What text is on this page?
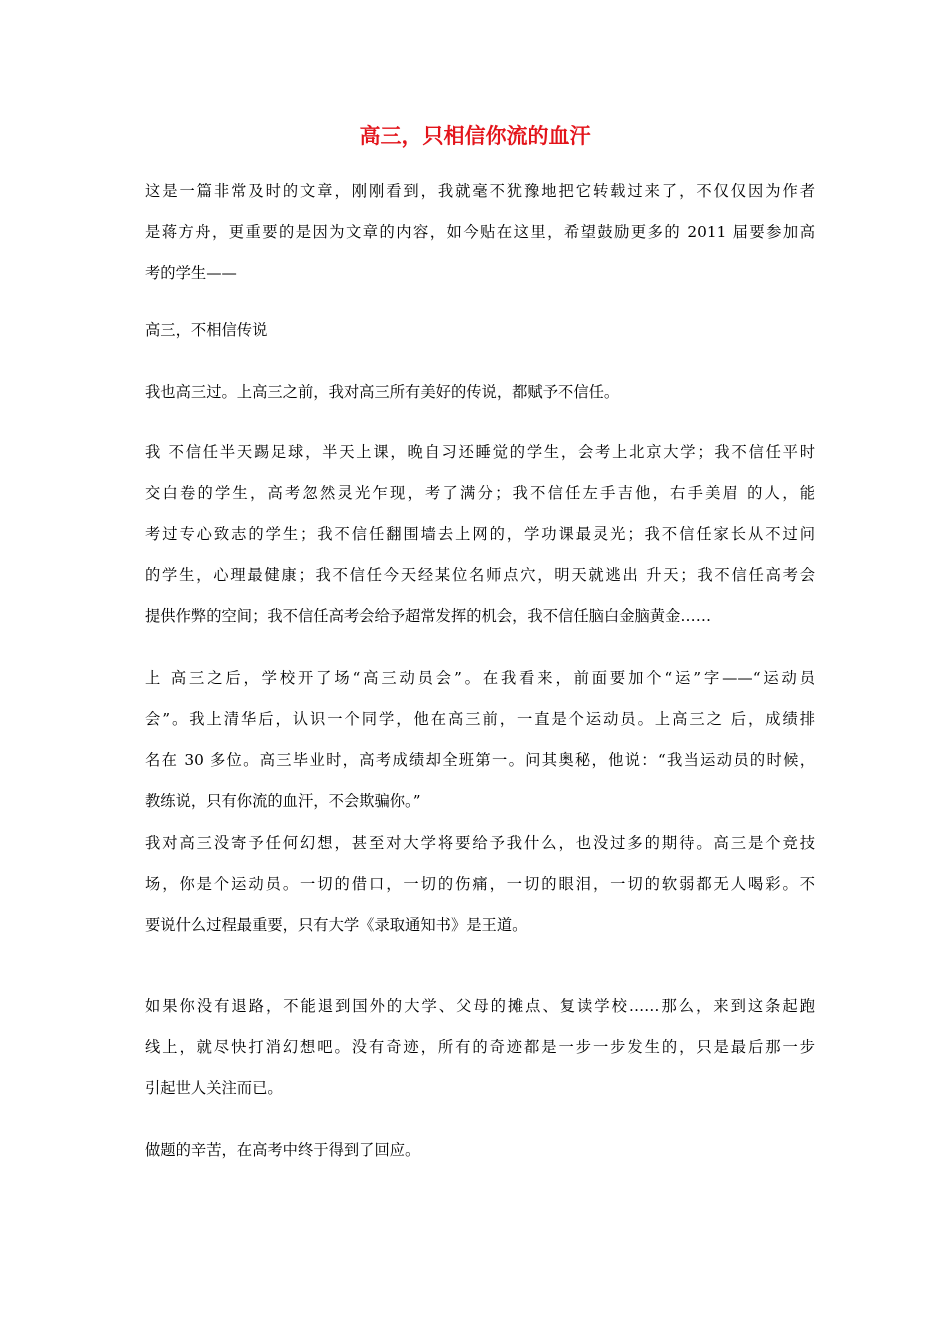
高三，只相信你流的血汗
这是一篇非常及时的文章，刚刚看到，我就毫不犹豫地把它转载过来了，不仅仅因为作者
是蒋方舟，更重要的是因为文章的内容，如今贴在这里，希望鼓励更多的 2011 届要参加高
考的学生——
高三，不相信传说
我也高三过。上高三之前，我对高三所有美好的传说，都赋予不信任。
我 不信任半天踢足球，半天上课，晚自习还睡觉的学生，会考上北京大学；我不信任平时
交白卷的学生，高考忽然灵光乍现，考了满分；我不信任左手吉他，右手美眉 的人，能
考过专心致志的学生；我不信任翻围墙去上网的，学功课最灵光；我不信任家长从不过问
的学生，心理最健康；我不信任今天经某位名师点穴，明天就逃出 升天；我不信任高考会
提供作弊的空间；我不信任高考会给予超常发挥的机会，我不信任脑白金脑黄金……
上 高三之后，学校开了场“高三动员会”。在我看来，前面要加个“运”字——“运动员
会”。我上清华后，认识一个同学，他在高三前，一直是个运动员。上高三之 后，成绩排
名在 30 多位。高三毕业时，高考成绩却全班第一。问其奥秘，他说：“我当运动员的时候，
教练说，只有你流的血汗，不会欺骗你。”
我对高三没寄予任何幻想，甚至对大学将要给予我什么，也没过多的期待。高三是个竞技
场，你是个运动员。一切的借口，一切的伤痛，一切的眼泪，一切的软弱都无人喝彩。不
要说什么过程最重要，只有大学《录取通知书》是王道。
如果你没有退路，不能退到国外的大学、父母的摊点、复读学校……那么，来到这条起跑
线上，就尽快打消幻想吧。没有奇迹，所有的奇迹都是一步一步发生的，只是最后那一步
引起世人关注而已。
做题的辛苦，在高考中终于得到了回应。
